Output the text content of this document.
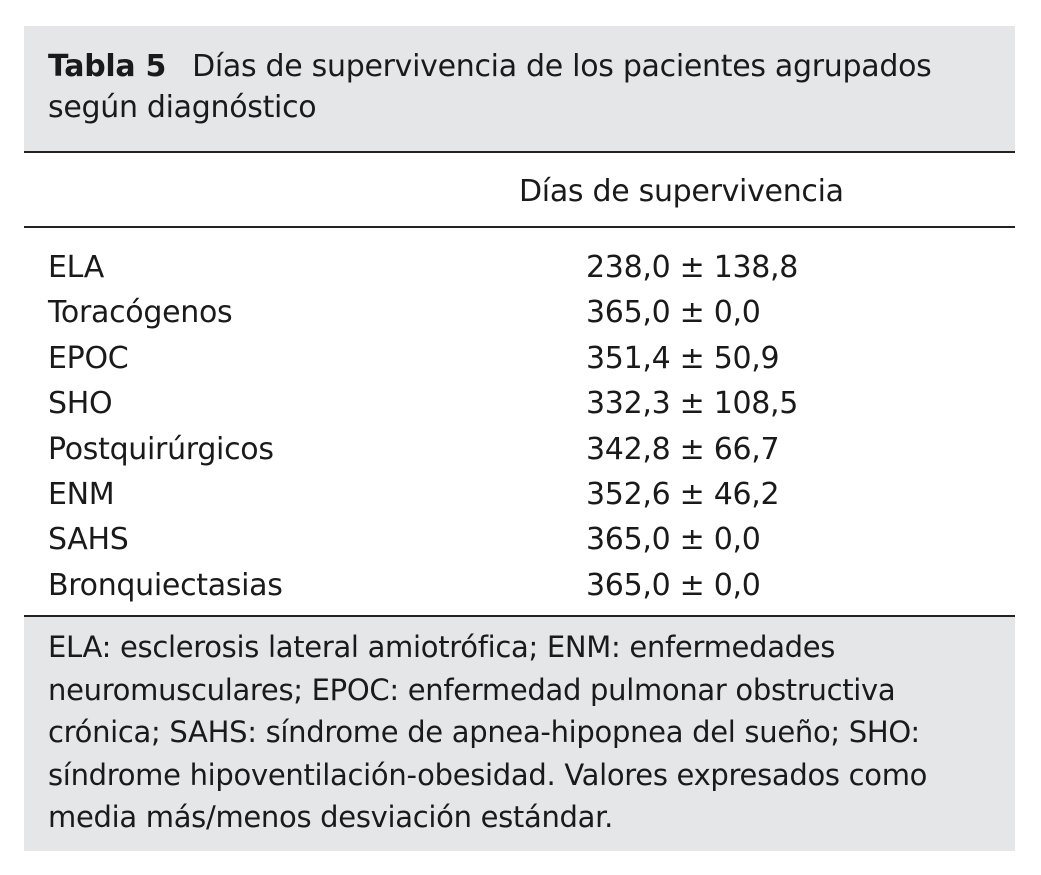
Tabla 5 Días de supervivencia de los pacientes agrupados según diagnóstico
Días de supervivencia
ELA	238,0 ± 138,8
Toracógenos	365,0 ± 0,0
EPOC	351,4 ± 50,9
SHO	332,3 ± 108,5
Postquirúrgicos	342,8 ± 66,7
ENM	352,6 ± 46,2
SAHS	365,0 ± 0,0
Bronquiectasias	365,0 ± 0,0
ELA: esclerosis lateral amiotrófica; ENM: enfermedades neuromusculares; EPOC: enfermedad pulmonar obstructiva crónica; SAHS: síndrome de apnea-hipopnea del sueño; SHO: síndrome hipoventilación-obesidad. Valores expresados como media más/menos desviación estándar.
